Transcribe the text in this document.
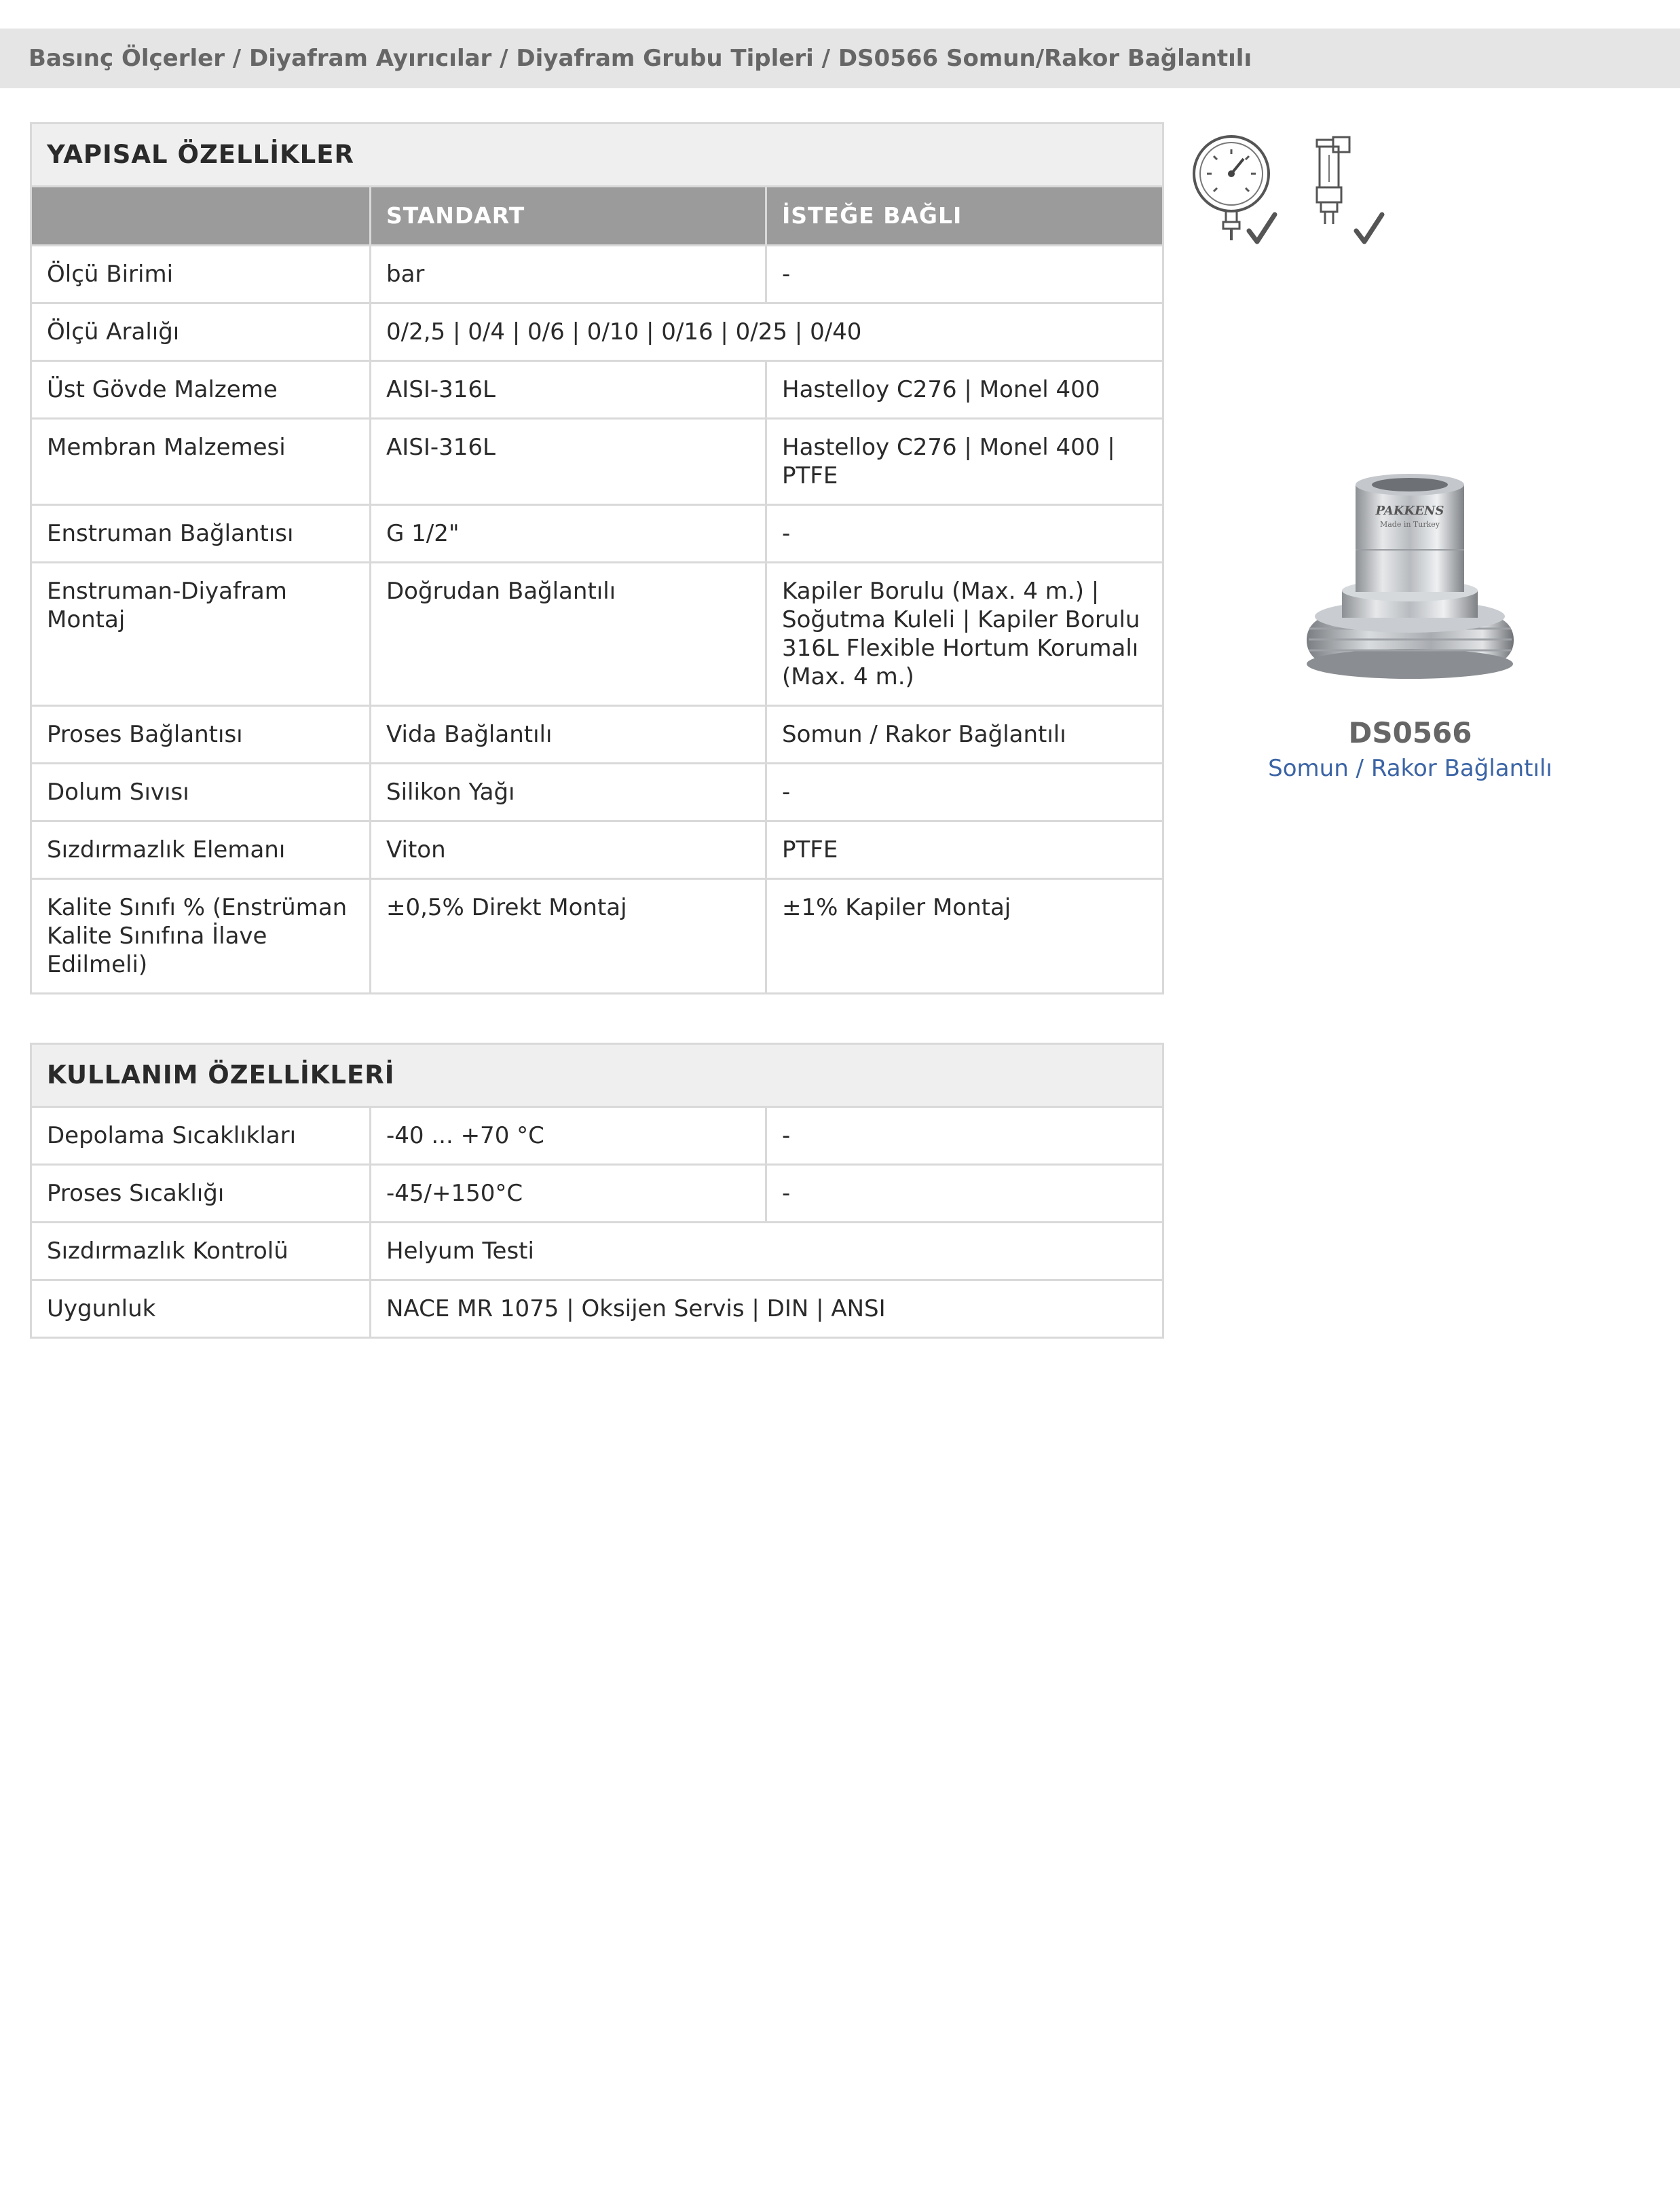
Basınç Ölçerler / Diyafram Ayırıcılar / Diyafram Grubu Tipleri / DS0566 Somun/Rakor Bağlantılı
YAPISAL ÖZELLİKLER		
	STANDART	İSTEĞE BAĞLI
Ölçü Birimi	bar	-
Ölçü Aralığı	0/2,5 | 0/4 | 0/6 | 0/10 | 0/16 | 0/25 | 0/40	
Üst Gövde Malzeme	AISI-316L	Hastelloy C276 | Monel 400
Membran Malzemesi	AISI-316L	Hastelloy C276 | Monel 400 | PTFE
Enstruman Bağlantısı	G 1/2"	-
Enstruman-Diyafram Montaj	Doğrudan Bağlantılı	Kapiler Borulu (Max. 4 m.) | Soğutma Kuleli | Kapiler Borulu 316L Flexible Hortum Korumalı (Max. 4 m.)
Proses Bağlantısı	Vida Bağlantılı	Somun / Rakor Bağlantılı
Dolum Sıvısı	Silikon Yağı	-
Sızdırmazlık Elemanı	Viton	PTFE
Kalite Sınıfı % (Enstrüman Kalite Sınıfına İlave Edilmeli)	±0,5% Direkt Montaj	±1% Kapiler Montaj
KULLANIM ÖZELLİKLERİ		
Depolama Sıcaklıkları	-40 ... +70 °C	-
Proses Sıcaklığı	-45/+150°C	-
Sızdırmazlık Kontrolü	Helyum Testi	
Uygunluk	NACE MR 1075 | Oksijen Servis | DIN | ANSI	
PAKKENS
Made in Turkey
DS0566
Somun / Rakor Bağlantılı
